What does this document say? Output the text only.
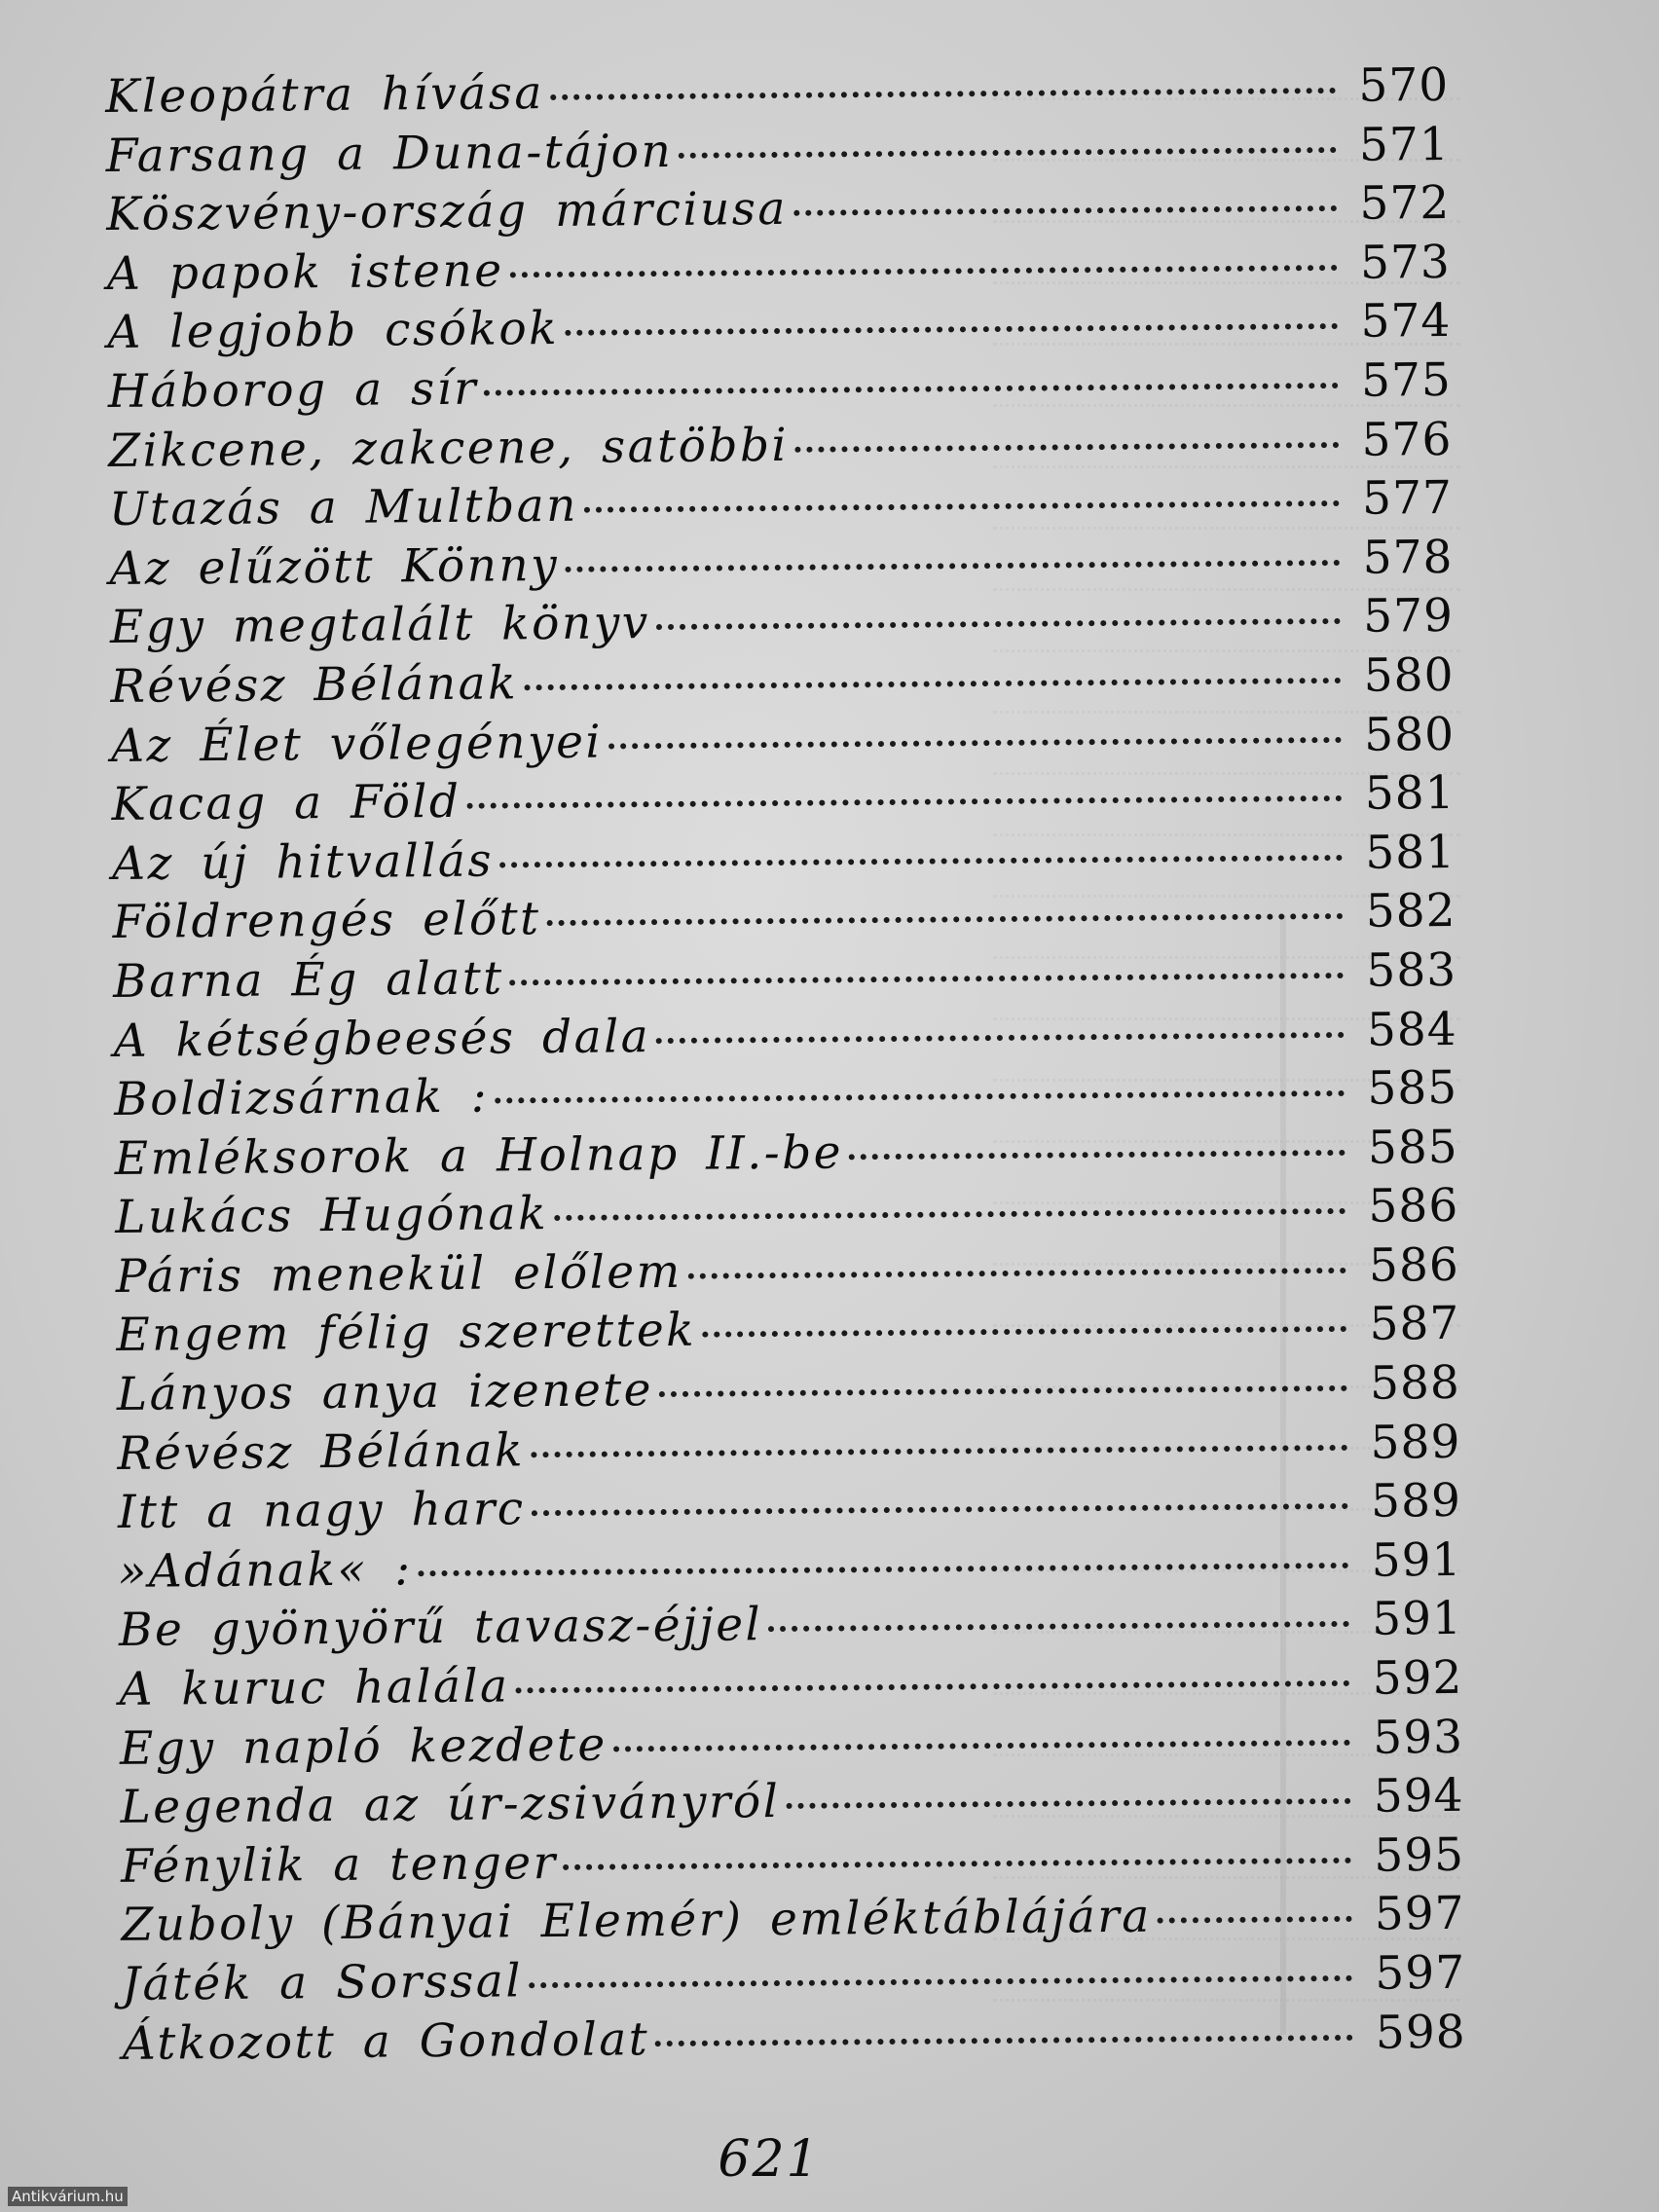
Kleopátra hívása	570
Farsang a Duna-tájon	571
Köszvény-ország márciusa	572
A papok istene	573
A legjobb csókok	574
Háborog a sír	575
Zikcene, zakcene, satöbbi	576
Utazás a Multban	577
Az elűzött Könny	578
Egy megtalált könyv	579
Révész Bélának	580
Az Élet vőlegényei	580
Kacag a Föld	581
Az új hitvallás	581
Földrengés előtt	582
Barna Ég alatt	583
A kétségbeesés dala	584
Boldizsárnak :	585
Emléksorok a Holnap II.-be	585
Lukács Hugónak	586
Páris menekül előlem	586
Engem félig szerettek	587
Lányos anya izenete	588
Révész Bélának	589
Itt a nagy harc	589
»Adának« :	591
Be gyönyörű tavasz-éjjel	591
A kuruc halála	592
Egy napló kezdete	593
Legenda az úr-zsiványról	594
Fénylik a tenger	595
Zuboly (Bányai Elemér) emléktáblájára	597
Játék a Sorssal	597
Átkozott a Gondolat	598
621
Antikvárium.hu
